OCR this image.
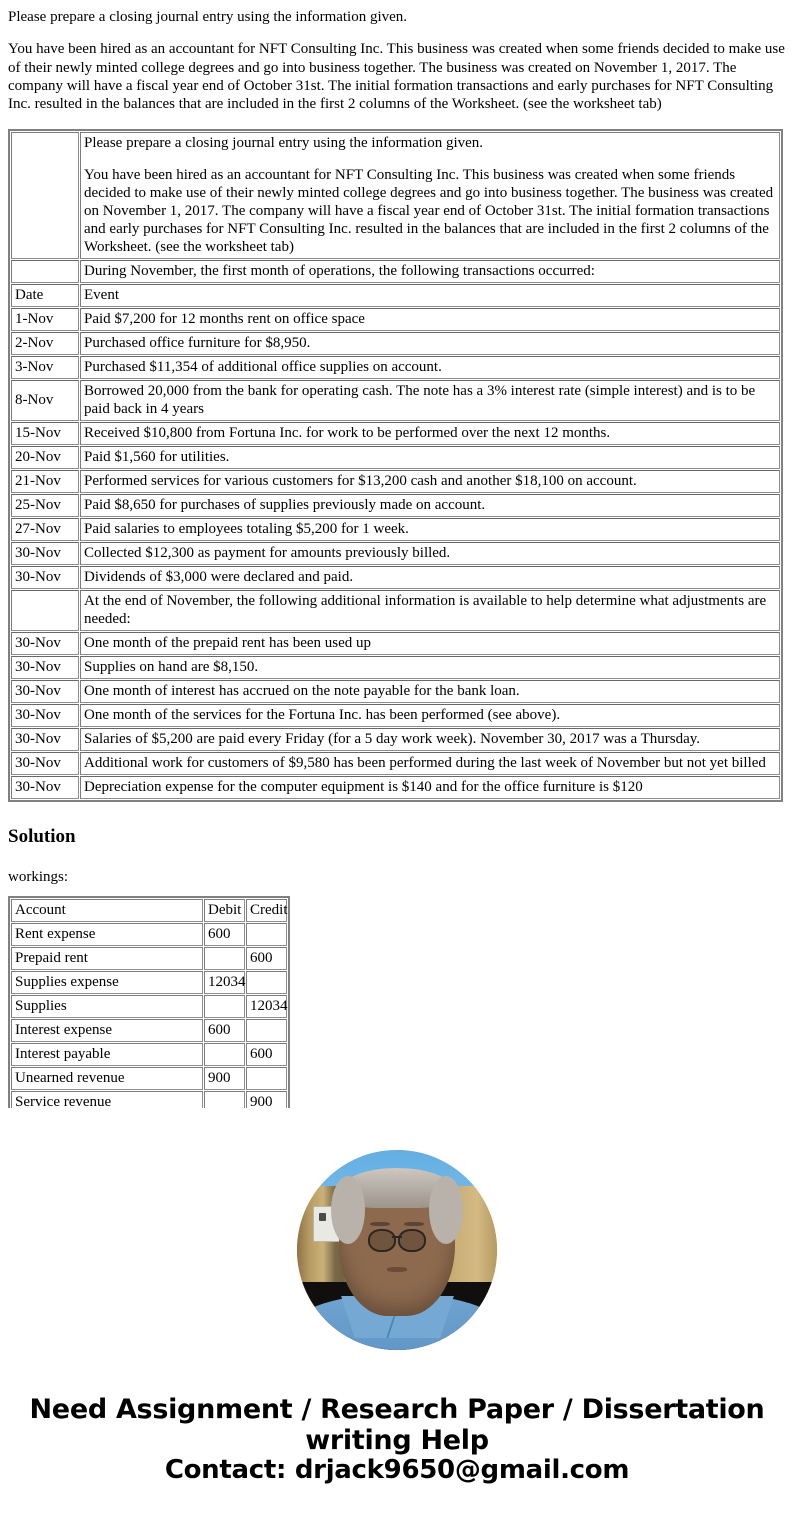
Please prepare a closing journal entry using the information given.

You have been hired as an accountant for NFT Consulting Inc. This business was created when some friends decided to make use of their newly minted college degrees and go into business together. The business was created on November 1, 2017. The company will have a fiscal year end of October 31st. The initial formation transactions and early purchases for NFT Consulting Inc. resulted in the balances that are included in the first 2 columns of the Worksheet. (see the worksheet tab)

	Please prepare a closing journal entry using the information given.

You have been hired as an accountant for NFT Consulting Inc. This business was created when some friends decided to make use of their newly minted college degrees and go into business together. The business was created on November 1, 2017. The company will have a fiscal year end of October 31st. The initial formation transactions and early purchases for NFT Consulting Inc. resulted in the balances that are included in the first 2 columns of the Worksheet. (see the worksheet tab)

	During November, the first month of operations, the following transactions occurred:
Date	Event
1-Nov	Paid $7,200 for 12 months rent on office space
2-Nov	Purchased office furniture for $8,950.
3-Nov	Purchased $11,354 of additional office supplies on account.
8-Nov	Borrowed 20,000 from the bank for operating cash. The note has a 3% interest rate (simple interest) and is to be paid back in 4 years
15-Nov	Received $10,800 from Fortuna Inc. for work to be performed over the next 12 months.
20-Nov	Paid $1,560 for utilities.
21-Nov	Performed services for various customers for $13,200 cash and another $18,100 on account.
25-Nov	Paid $8,650 for purchases of supplies previously made on account.
27-Nov	Paid salaries to employees totaling $5,200 for 1 week.
30-Nov	Collected $12,300 as payment for amounts previously billed.
30-Nov	Dividends of $3,000 were declared and paid.
	At the end of November, the following additional information is available to help determine what adjustments are needed:
30-Nov	One month of the prepaid rent has been used up
30-Nov	Supplies on hand are $8,150.
30-Nov	One month of interest has accrued on the note payable for the bank loan.
30-Nov	One month of the services for the Fortuna Inc. has been performed (see above).
30-Nov	Salaries of $5,200 are paid every Friday (for a 5 day work week). November 30, 2017 was a Thursday.
30-Nov	Additional work for customers of $9,580 has been performed during the last week of November but not yet billed
30-Nov	Depreciation expense for the computer equipment is $140 and for the office furniture is $120
Solution

workings:

Account	Debit	Credit
Rent expense	600	
Prepaid rent		600
Supplies expense	12034	
Supplies		12034
Interest expense	600	
Interest payable		600
Unearned revenue	900	
Service revenue		900
Need Assignment / Research Paper / Dissertation
writing Help
Contact: drjack9650@gmail.com
